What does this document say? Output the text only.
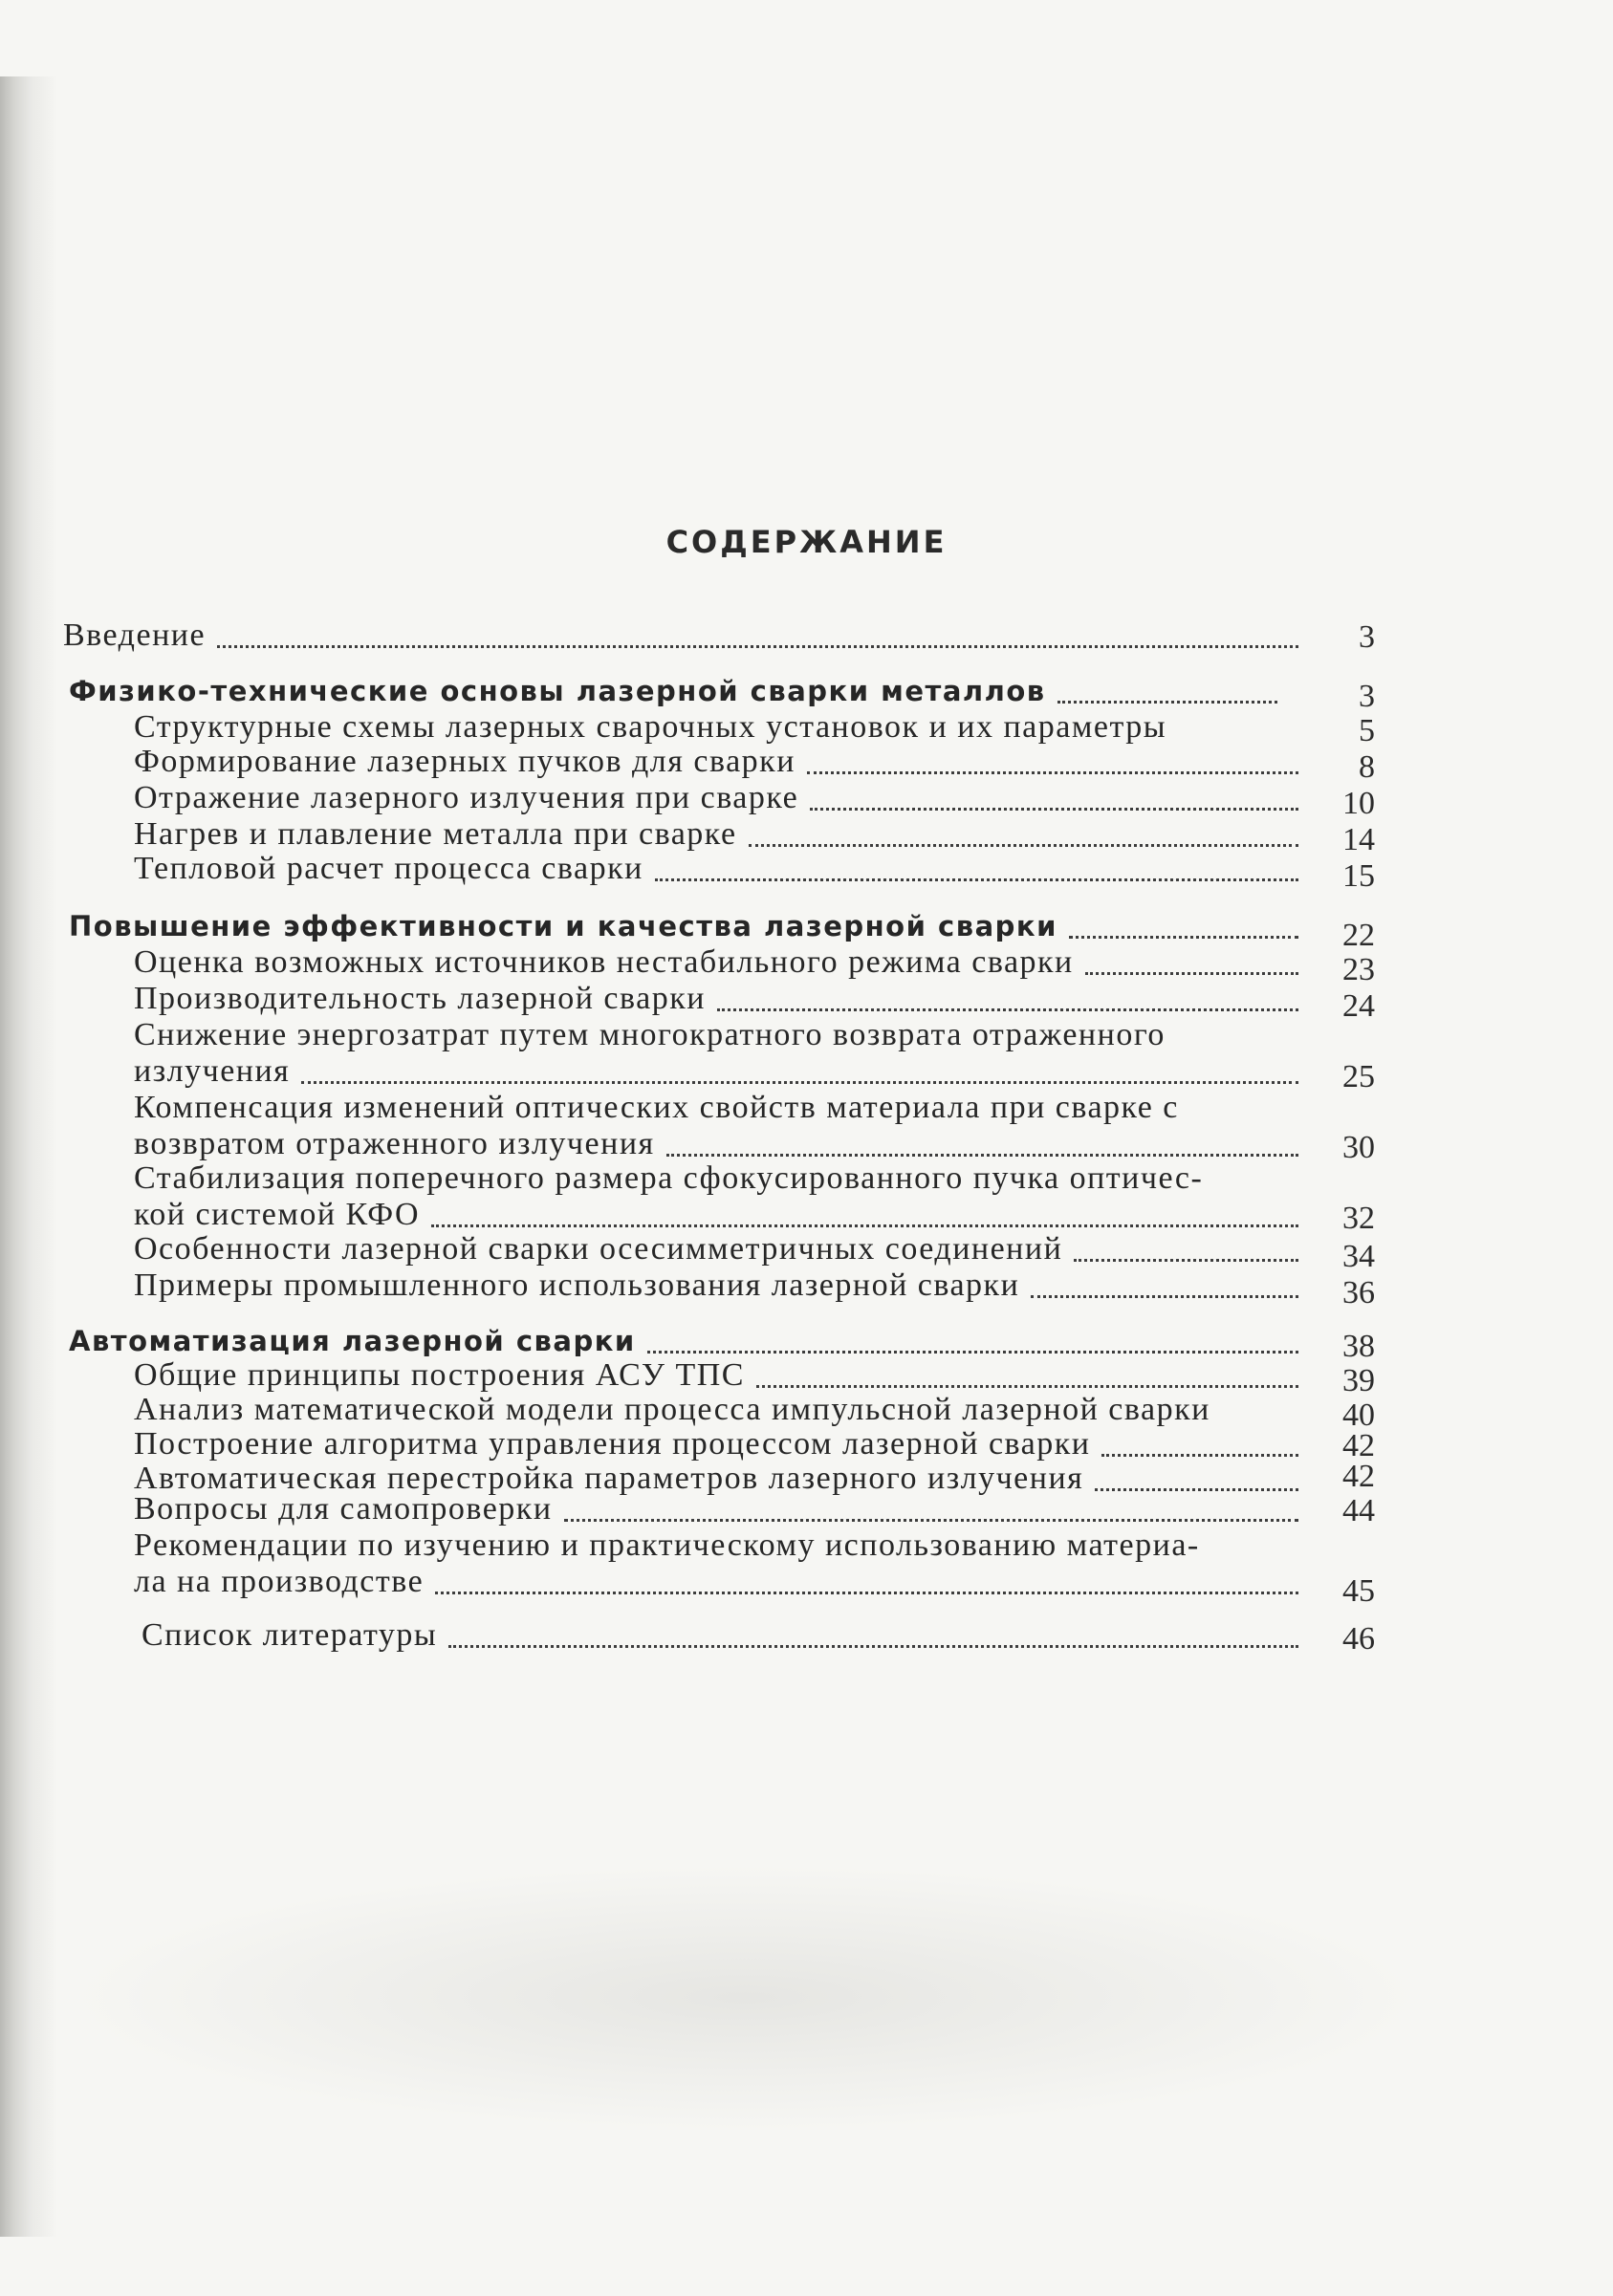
СОДЕРЖАНИЕ
Введение	3
Физико-технические основы лазерной сварки металлов	3
Структурные схемы лазерных сварочных установок и их параметры	5
Формирование лазерных пучков для сварки	8
Отражение лазерного излучения при сварке	10
Нагрев и плавление металла при сварке	14
Тепловой расчет процесса сварки	15
Повышение эффективности и качества лазерной сварки	22
Оценка возможных источников нестабильного режима сварки	23
Производительность лазерной сварки	24
Снижение энергозатрат путем многократного возврата отраженного
излучения	25
Компенсация изменений оптических свойств материала при сварке с
возвратом отраженного излучения	30
Стабилизация поперечного размера сфокусированного пучка оптичес-
кой системой КФО	32
Особенности лазерной сварки осесимметричных соединений	34
Примеры промышленного использования лазерной сварки	36
Автоматизация лазерной сварки	38
Общие принципы построения АСУ ТПС	39
Анализ математической модели процесса импульсной лазерной сварки	40
Построение алгоритма управления процессом лазерной сварки	42
Автоматическая перестройка параметров лазерного излучения	42
Вопросы для самопроверки	44
Рекомендации по изучению и практическому использованию материа-
ла на производстве	45
Список литературы	46
